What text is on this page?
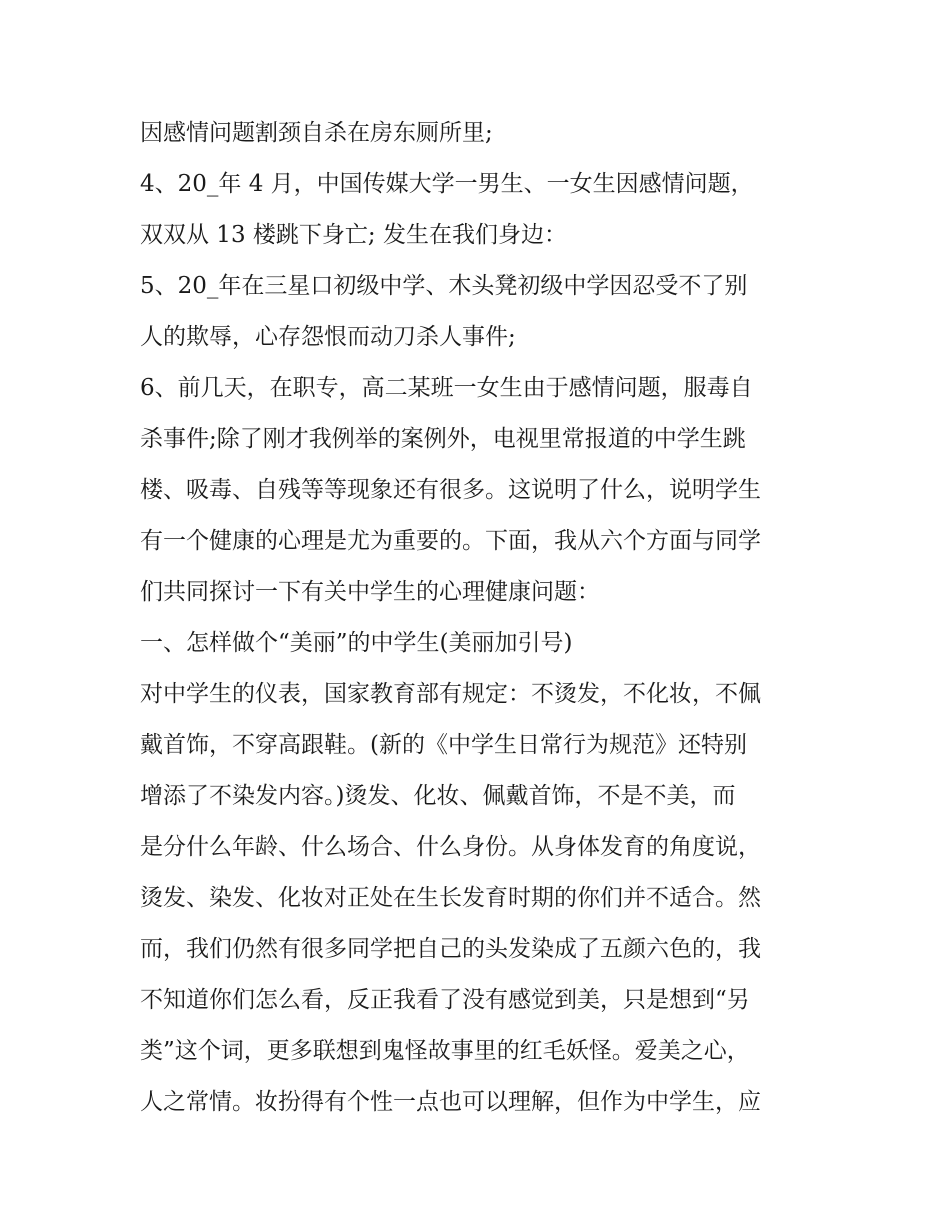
因感情问题割颈自杀在房东厕所里;
4、20_年 4 月，中国传媒大学一男生、一女生因感情问题，
双双从 13 楼跳下身亡; 发生在我们身边：
5、20_年在三星口初级中学、木头凳初级中学因忍受不了别
人的欺辱，心存怨恨而动刀杀人事件;
6、前几天，在职专，高二某班一女生由于感情问题，服毒自
杀事件;除了刚才我例举的案例外，电视里常报道的中学生跳
楼、吸毒、自残等等现象还有很多。这说明了什么，说明学生
有一个健康的心理是尤为重要的。下面，我从六个方面与同学
们共同探讨一下有关中学生的心理健康问题：
一、怎样做个“美丽”的中学生(美丽加引号)
对中学生的仪表，国家教育部有规定：不烫发，不化妆，不佩
戴首饰，不穿高跟鞋。(新的《中学生日常行为规范》还特别
增添了不染发内容。)烫发、化妆、佩戴首饰，不是不美，而
是分什么年龄、什么场合、什么身份。从身体发育的角度说，
烫发、染发、化妆对正处在生长发育时期的你们并不适合。然
而，我们仍然有很多同学把自己的头发染成了五颜六色的，我
不知道你们怎么看，反正我看了没有感觉到美，只是想到“另
类”这个词，更多联想到鬼怪故事里的红毛妖怪。爱美之心，
人之常情。妆扮得有个性一点也可以理解，但作为中学生，应
